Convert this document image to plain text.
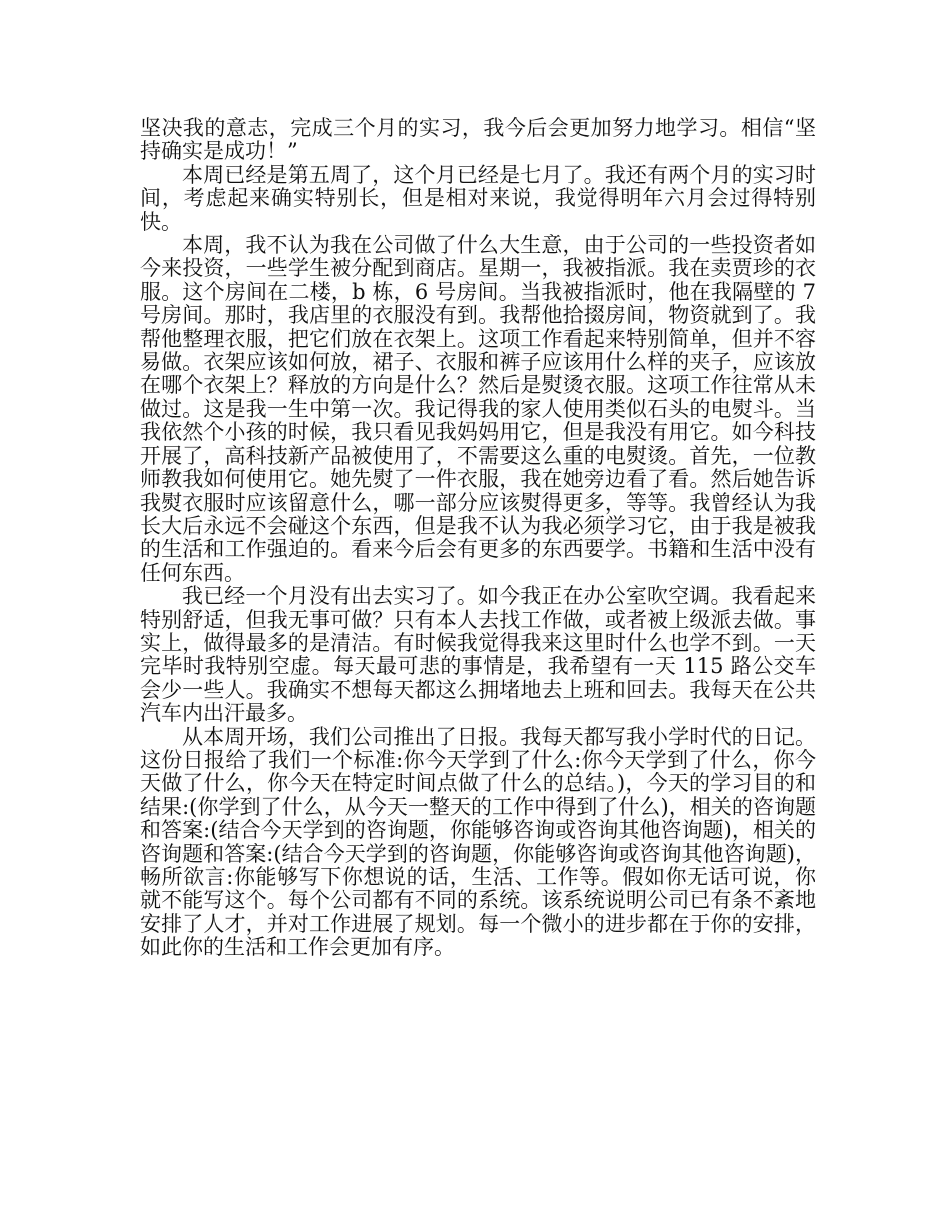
坚决我的意志，完成三个月的实习，我今后会更加努力地学习。相信“坚持确实是成功！”

本周已经是第五周了，这个月已经是七月了。我还有两个月的实习时间，考虑起来确实特别长，但是相对来说，我觉得明年六月会过得特别快。

本周，我不认为我在公司做了什么大生意，由于公司的一些投资者如今来投资，一些学生被分配到商店。星期一，我被指派。我在卖贾珍的衣服。这个房间在二楼，b 栋，6 号房间。当我被指派时，他在我隔壁的 7 号房间。那时，我店里的衣服没有到。我帮他拾掇房间，物资就到了。我帮他整理衣服，把它们放在衣架上。这项工作看起来特别简单，但并不容易做。衣架应该如何放，裙子、衣服和裤子应该用什么样的夹子，应该放在哪个衣架上？释放的方向是什么？然后是熨烫衣服。这项工作往常从未做过。这是我一生中第一次。我记得我的家人使用类似石头的电熨斗。当我依然个小孩的时候，我只看见我妈妈用它，但是我没有用它。如今科技开展了，高科技新产品被使用了，不需要这么重的电熨烫。首先，一位教师教我如何使用它。她先熨了一件衣服，我在她旁边看了看。然后她告诉我熨衣服时应该留意什么，哪一部分应该熨得更多，等等。我曾经认为我长大后永远不会碰这个东西，但是我不认为我必须学习它，由于我是被我的生活和工作强迫的。看来今后会有更多的东西要学。书籍和生活中没有任何东西。

我已经一个月没有出去实习了。如今我正在办公室吹空调。我看起来特别舒适，但我无事可做？只有本人去找工作做，或者被上级派去做。事实上，做得最多的是清洁。有时候我觉得我来这里时什么也学不到。一天完毕时我特别空虚。每天最可悲的事情是，我希望有一天 115 路公交车会少一些人。我确实不想每天都这么拥堵地去上班和回去。我每天在公共汽车内出汗最多。

从本周开场，我们公司推出了日报。我每天都写我小学时代的日记。这份日报给了我们一个标准:你今天学到了什么:你今天学到了什么，你今天做了什么，你今天在特定时间点做了什么的总结。)，今天的学习目的和结果:(你学到了什么，从今天一整天的工作中得到了什么)，相关的咨询题和答案:(结合今天学到的咨询题，你能够咨询或咨询其他咨询题)，相关的咨询题和答案:(结合今天学到的咨询题，你能够咨询或咨询其他咨询题)，畅所欲言:你能够写下你想说的话，生活、工作等。假如你无话可说，你就不能写这个。每个公司都有不同的系统。该系统说明公司已有条不紊地安排了人才，并对工作进展了规划。每一个微小的进步都在于你的安排，如此你的生活和工作会更加有序。
